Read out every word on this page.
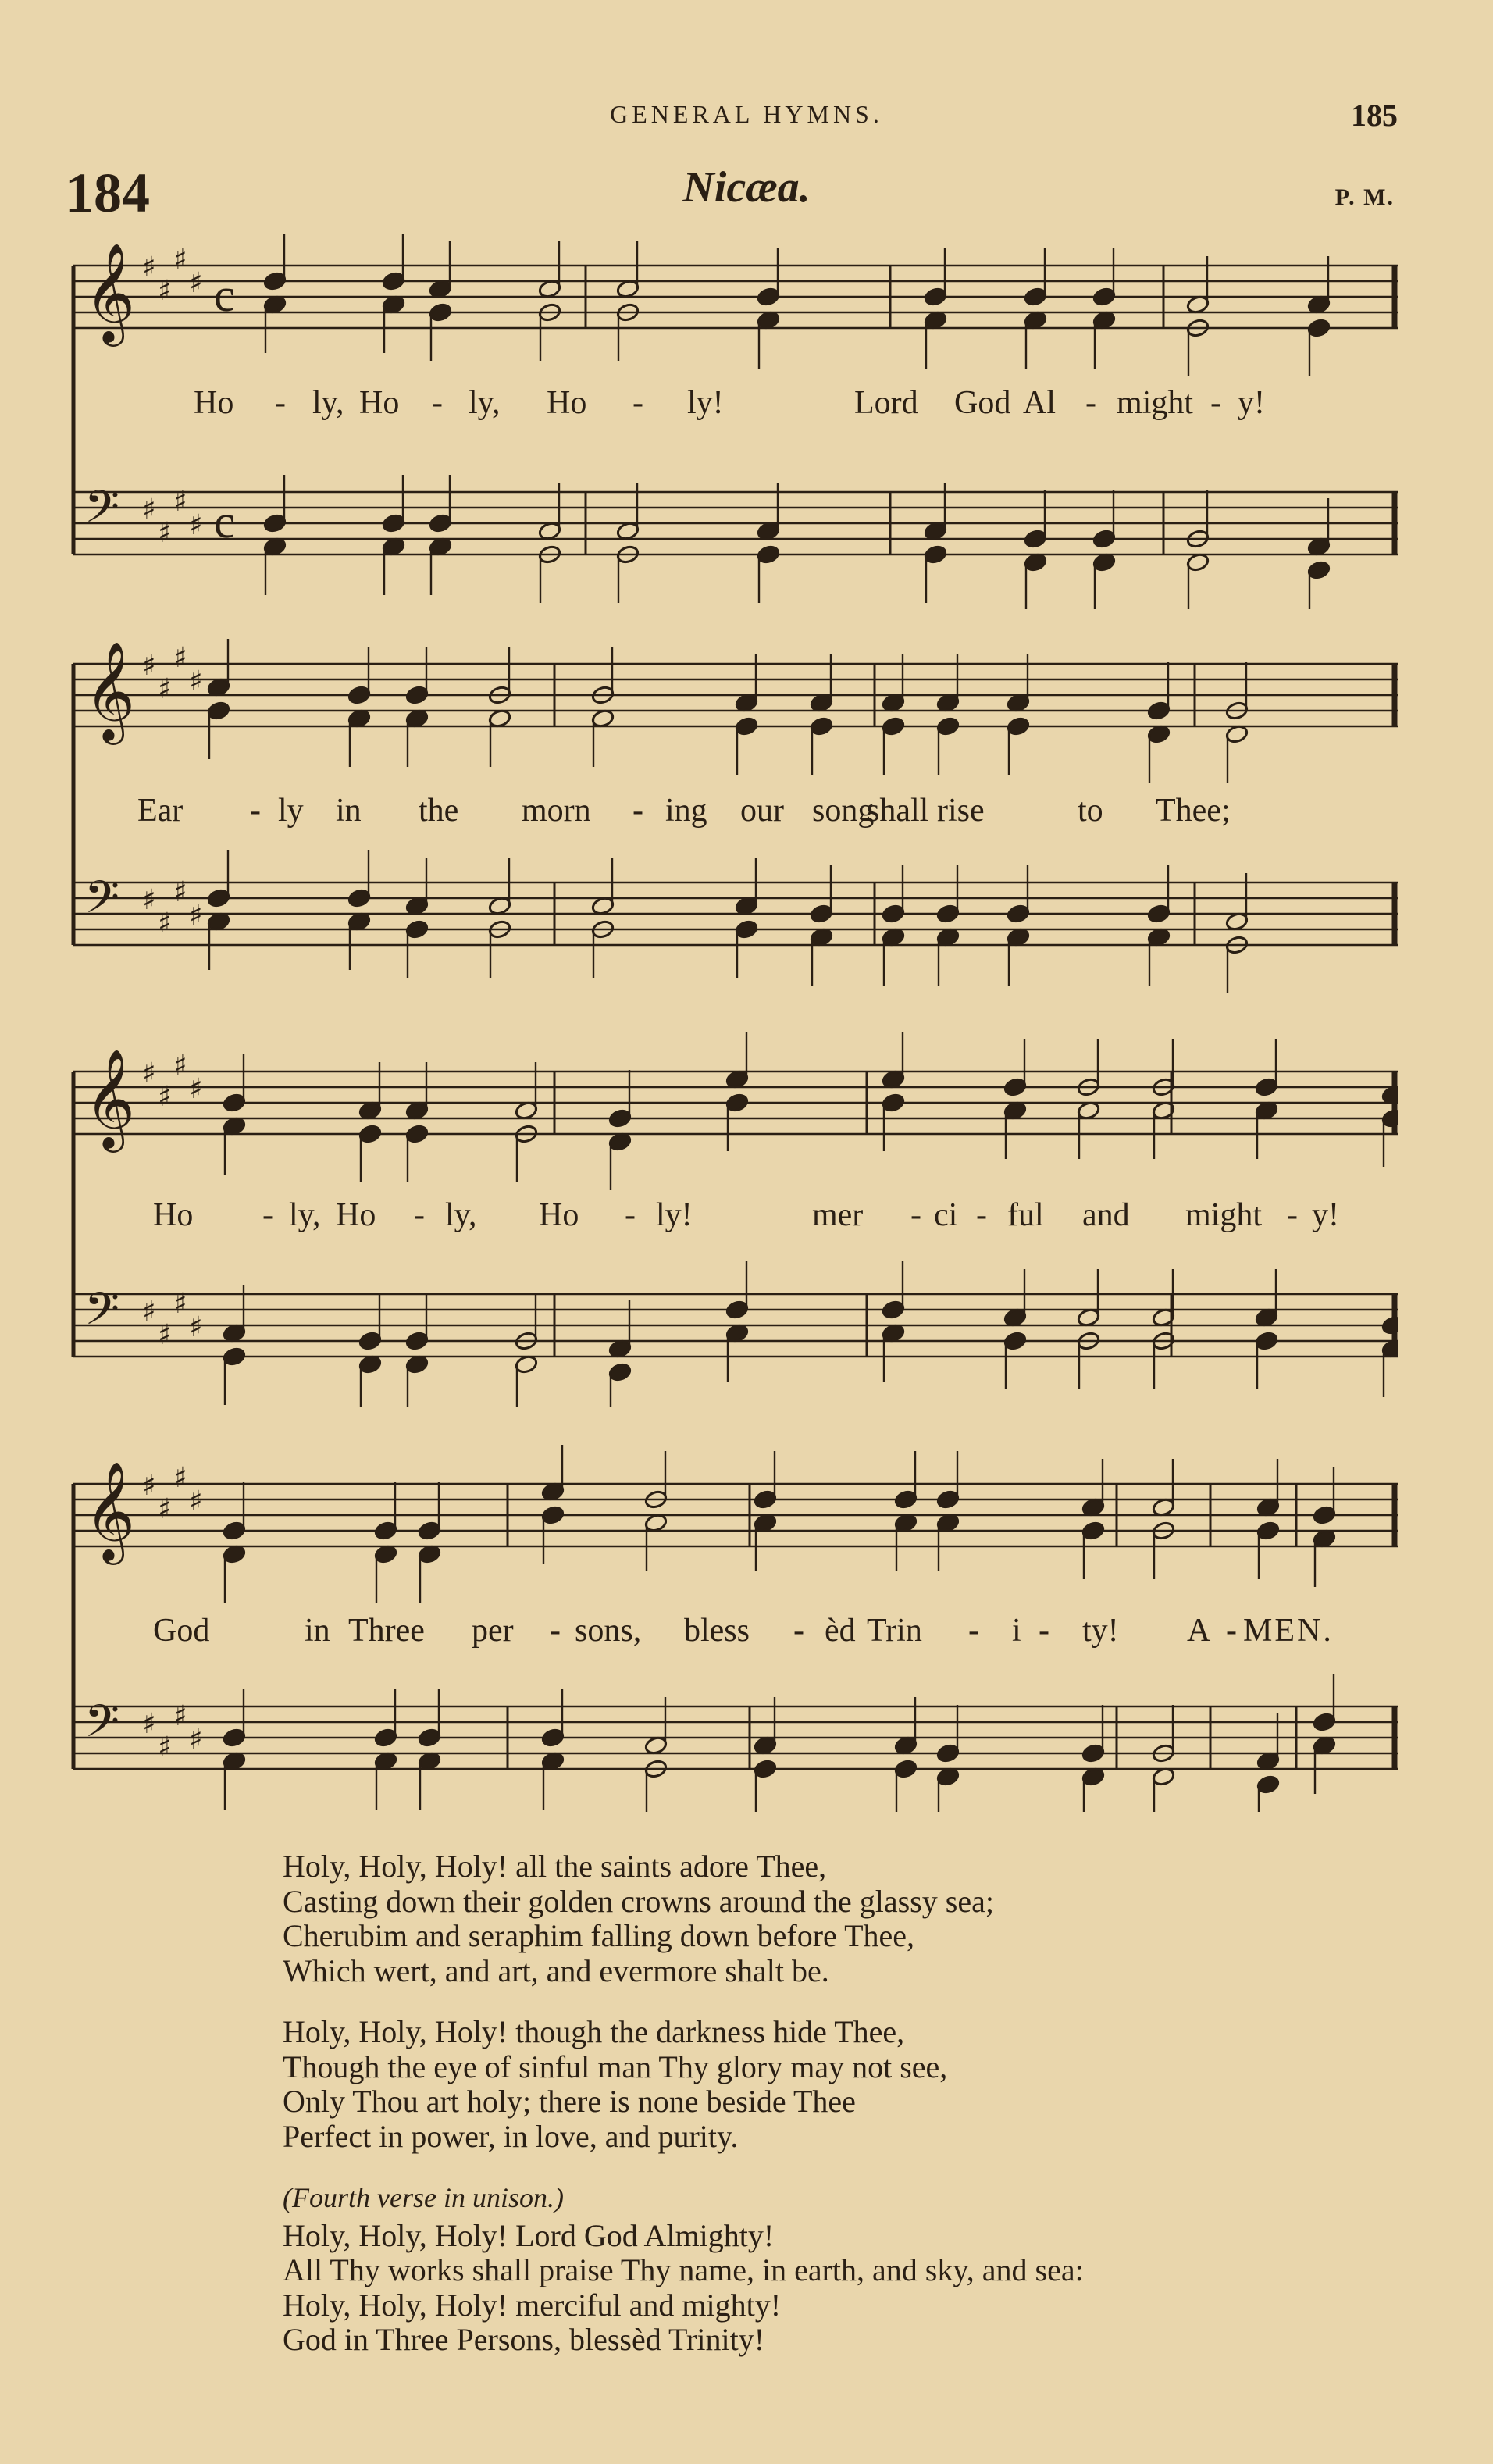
GENERAL HYMNS.	185
184	Nicæa.	P. M.
𝄞 ♯
♯
♯
♯ c
𝄢 ♯
♯
♯
♯ c
Ho - ly, Ho - ly, Ho - ly!	Lord God Al - might - y!
𝄞 ♯
♯
♯
♯
𝄢 ♯
♯
♯
♯
Ear - ly in the morn - ing our song
shall rise	to Thee;
𝄞 ♯
♯
♯
♯
𝄢 ♯
♯
♯
♯
Ho - ly, Ho - ly, Ho - ly!	mer - ci - ful and might - y!
𝄞 ♯
♯
♯
♯
𝄢 ♯
♯
♯
♯
God	in Three per - sons, bless - èd Trin - i - ty! A - MEN.
Holy, Holy, Holy! all the saints adore Thee,
Casting down their golden crowns around the glassy sea;
Cherubim and seraphim falling down before Thee,
Which wert, and art, and evermore shalt be.
Holy, Holy, Holy! though the darkness hide Thee,
Though the eye of sinful man Thy glory may not see,
Only Thou art holy; there is none beside Thee
Perfect in power, in love, and purity.
(Fourth verse in unison.)
Holy, Holy, Holy! Lord God Almighty!
All Thy works shall praise Thy name, in earth, and sky, and sea:
Holy, Holy, Holy! merciful and mighty!
God in Three Persons, blessèd Trinity!
